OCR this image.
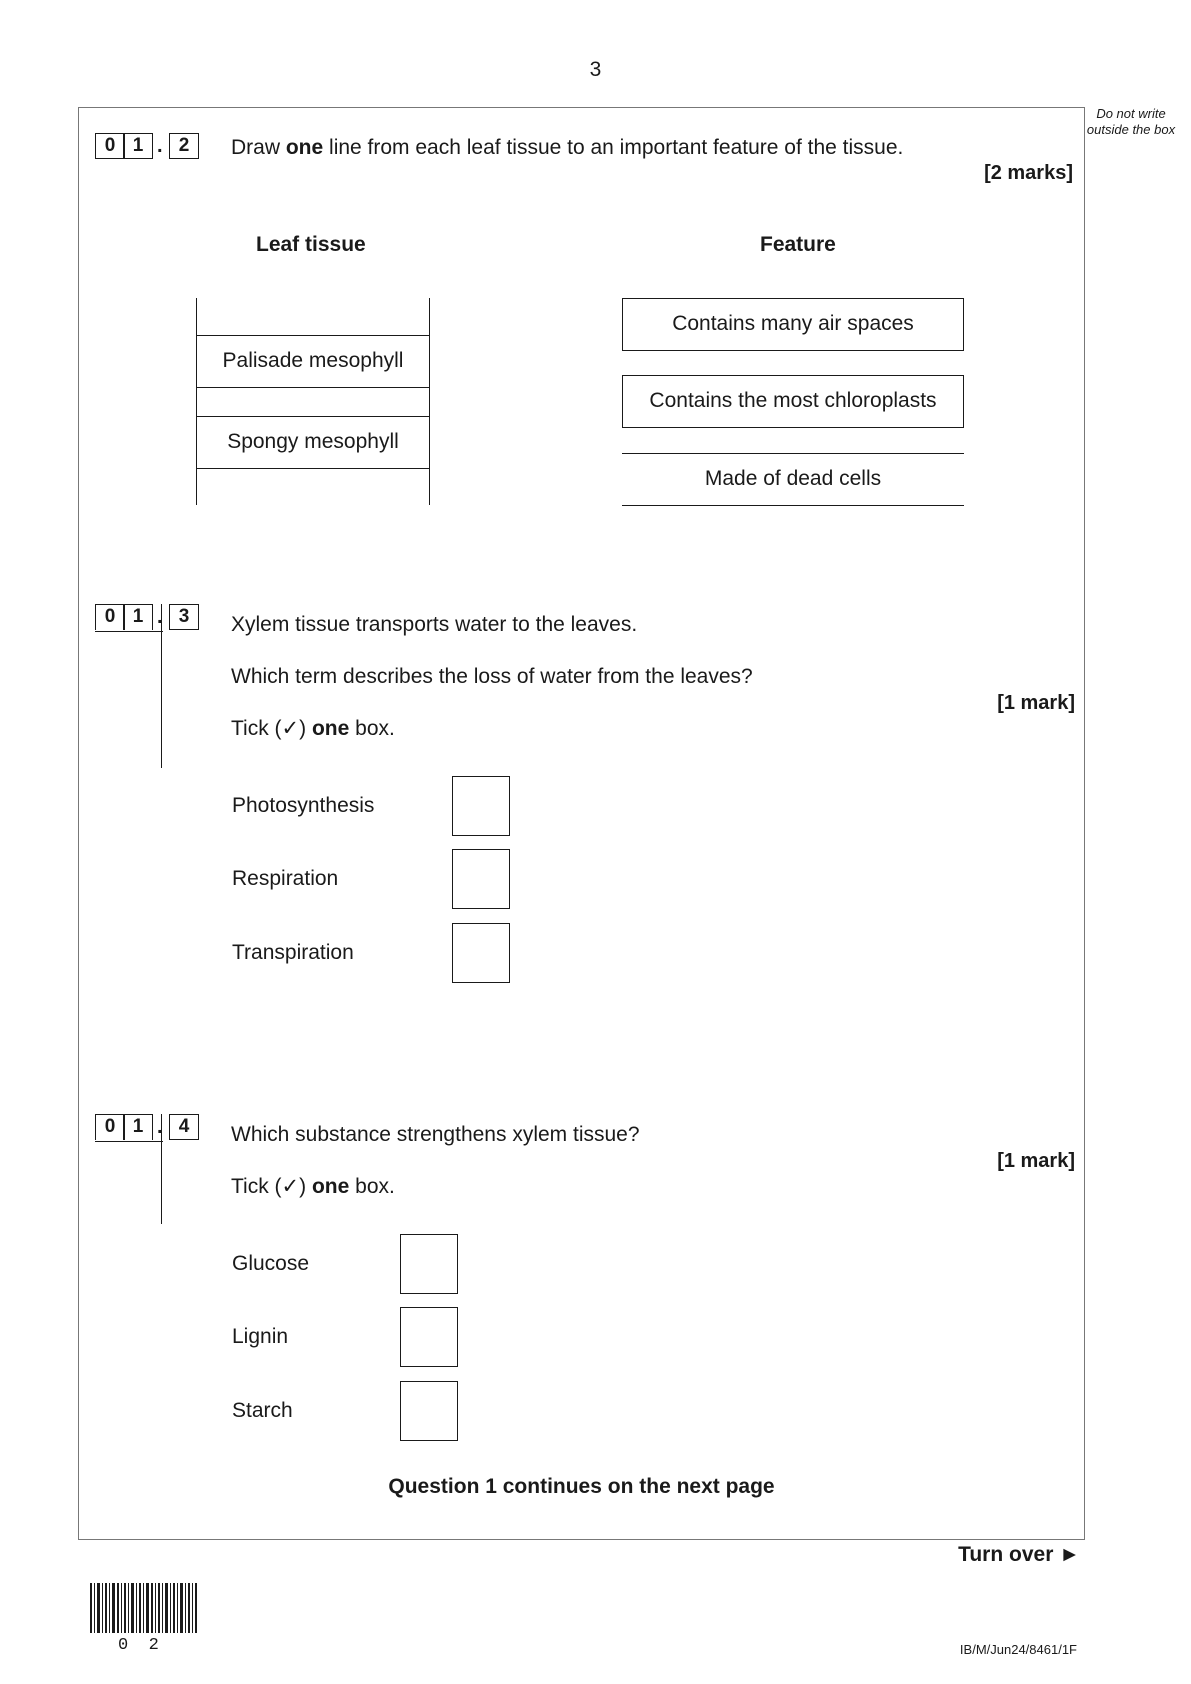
3
Do not write outside the box
0 1 . 2	Draw one line from each leaf tissue to an important feature of the tissue.
[2 marks]
Leaf tissue	Feature
Palisade mesophyll
Spongy mesophyll
Contains many air spaces
Contains the most chloroplasts
Made of dead cells
0 1 . 3	Xylem tissue transports water to the leaves.
Which term describes the loss of water from the leaves?
[1 mark]
Tick (✓) one box.
Photosynthesis
Respiration
Transpiration
0 1 . 4	Which substance strengthens xylem tissue?
[1 mark]
Tick (✓) one box.
Glucose
Lignin
Starch
Question 1 continues on the next page
Turn over ►
0  2	IB/M/Jun24/8461/1F
